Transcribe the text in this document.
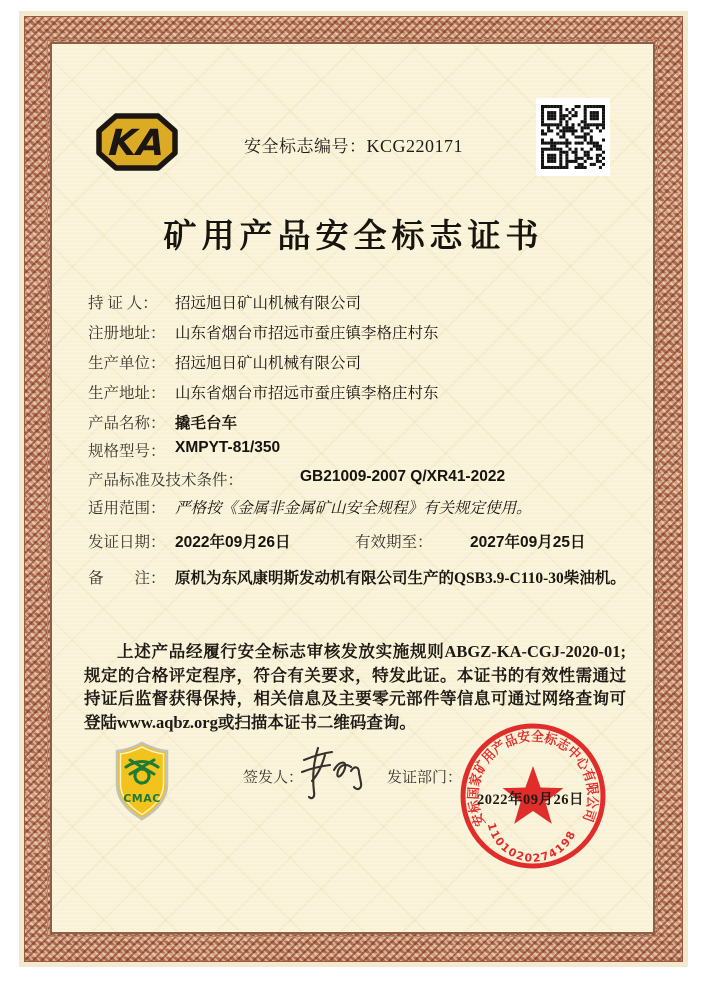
KA	安全标志编号：KCG220171
矿用产品安全标志证书
持 证 人： 招远旭日矿山机械有限公司
注册地址： 山东省烟台市招远市蚕庄镇李格庄村东
生产单位： 招远旭日矿山机械有限公司
生产地址： 山东省烟台市招远市蚕庄镇李格庄村东
产品名称： 撬毛台车
规格型号： XMPYT-81/350
产品标准及技术条件：	GB21009-2007 Q/XR41-2022
适用范围： 严格按《金属非金属矿山安全规程》有关规定使用。
发证日期： 2022年09月26日	有效期至： 2027年09月25日
备　　注： 原机为东风康明斯发动机有限公司生产的QSB3.9-C110-30柴油机。
上述产品经履行安全标志审核发放实施规则ABGZ-KA-CGJ-2020-01;规定的合格评定程序，符合有关要求，特发此证。本证书的有效性需通过持证后监督获得保持，相关信息及主要零元部件等信息可通过网络查询可登陆www.aqbz.org或扫描本证书二维码查询。
CMAC
签发人：	发证部门：
安标国家矿用产品安全标志中心有限公司
1101020274198
2022年09月26日
